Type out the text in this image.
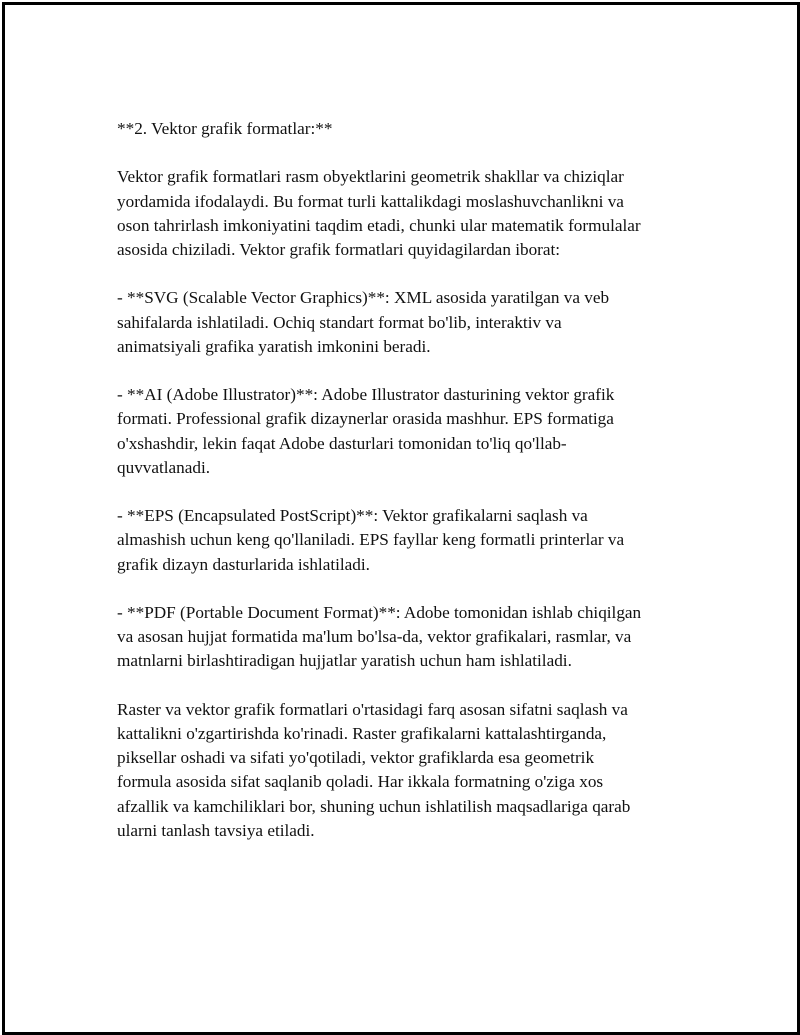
**2. Vektor grafik formatlar:**

Vektor grafik formatlari rasm obyektlarini geometrik shakllar va chiziqlar
yordamida ifodalaydi. Bu format turli kattalikdagi moslashuvchanlikni va
oson tahrirlash imkoniyatini taqdim etadi, chunki ular matematik formulalar
asosida chiziladi. Vektor grafik formatlari quyidagilardan iborat:

- **SVG (Scalable Vector Graphics)**: XML asosida yaratilgan va veb
sahifalarda ishlatiladi. Ochiq standart format bo'lib, interaktiv va
animatsiyali grafika yaratish imkonini beradi.

- **AI (Adobe Illustrator)**: Adobe Illustrator dasturining vektor grafik
formati. Professional grafik dizaynerlar orasida mashhur. EPS formatiga
o'xshashdir, lekin faqat Adobe dasturlari tomonidan to'liq qo'llab-
quvvatlanadi.

- **EPS (Encapsulated PostScript)**: Vektor grafikalarni saqlash va
almashish uchun keng qo'llaniladi. EPS fayllar keng formatli printerlar va
grafik dizayn dasturlarida ishlatiladi.

- **PDF (Portable Document Format)**: Adobe tomonidan ishlab chiqilgan
va asosan hujjat formatida ma'lum bo'lsa-da, vektor grafikalari, rasmlar, va
matnlarni birlashtiradigan hujjatlar yaratish uchun ham ishlatiladi.

Raster va vektor grafik formatlari o'rtasidagi farq asosan sifatni saqlash va
kattalikni o'zgartirishda ko'rinadi. Raster grafikalarni kattalashtirganda,
piksellar oshadi va sifati yo'qotiladi, vektor grafiklarda esa geometrik
formula asosida sifat saqlanib qoladi. Har ikkala formatning o'ziga xos
afzallik va kamchiliklari bor, shuning uchun ishlatilish maqsadlariga qarab
ularni tanlash tavsiya etiladi.
